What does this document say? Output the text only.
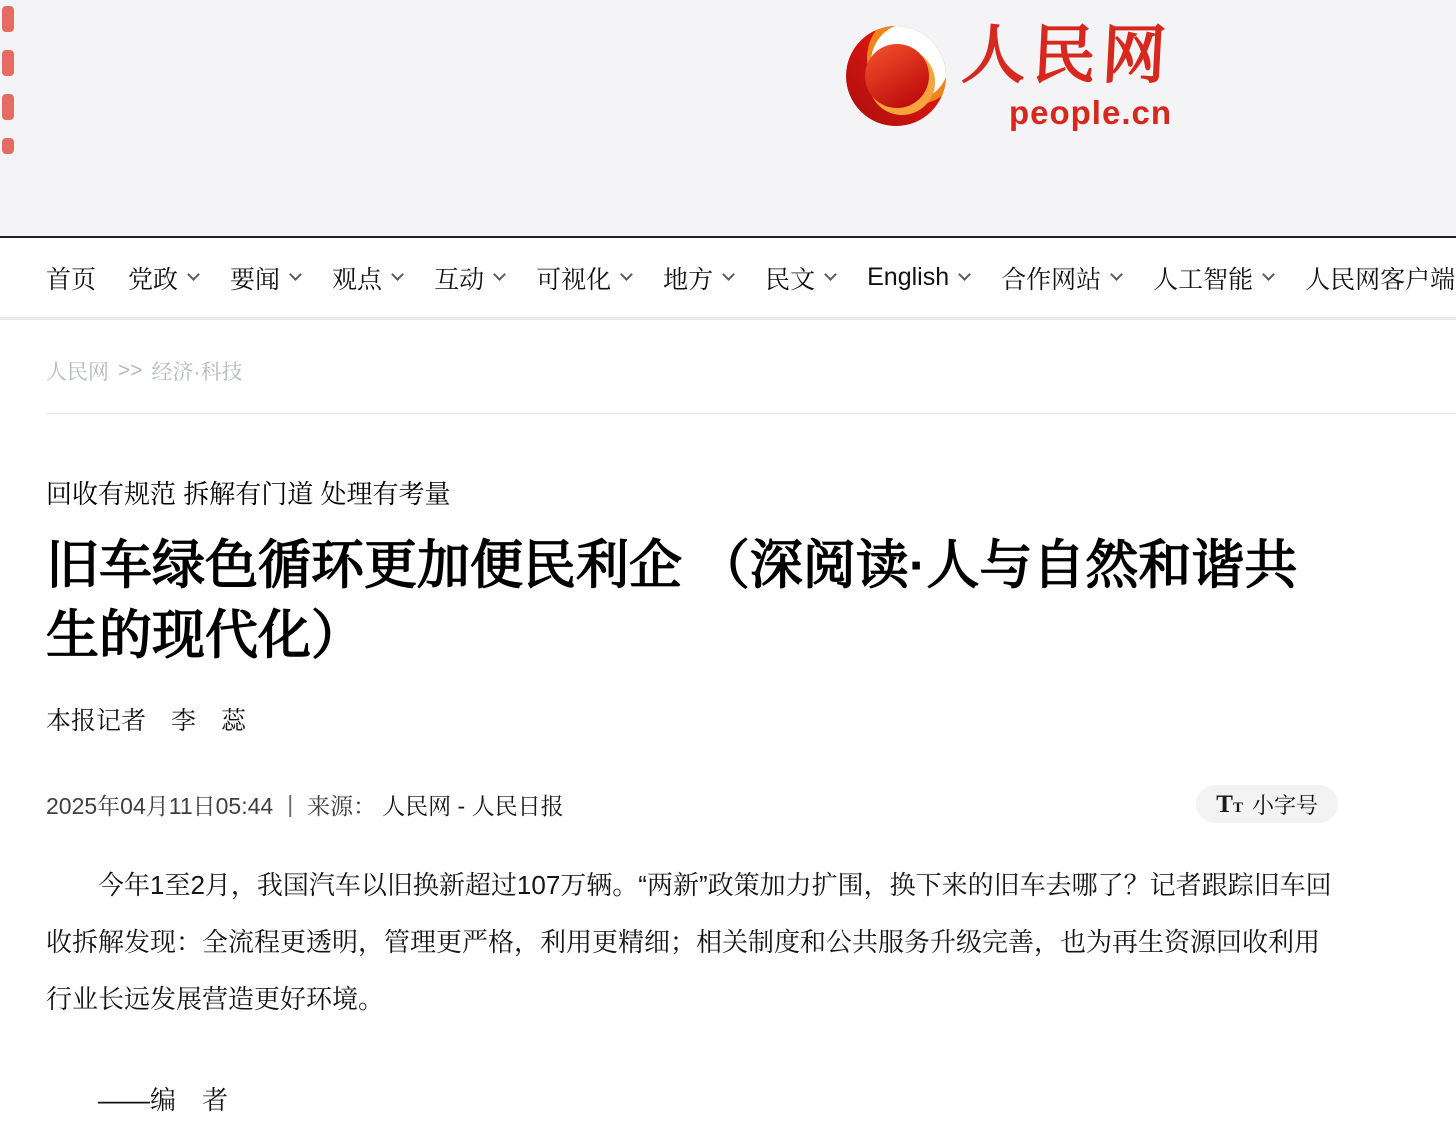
人民网
people.cn
首页 党政 要闻 观点 互动 可视化 地方 民文 English 合作网站 人工智能 人民网客户端
人民网 >> 经济·科技
回收有规范 拆解有门道 处理有考量
旧车绿色循环更加便民利企 （深阅读·人与自然和谐共生的现代化）
本报记者　李　蕊
2025年04月11日05:44 | 来源： 人民网 - 人民日报	T T 小字号

今年1至2月，我国汽车以旧换新超过107万辆。“两新”政策加力扩围，换下来的旧车去哪了？记者跟踪旧车回收拆解发现：全流程更透明，管理更严格，利用更精细；相关制度和公共服务升级完善，也为再生资源回收利用行业长远发展营造更好环境。

——编　者
